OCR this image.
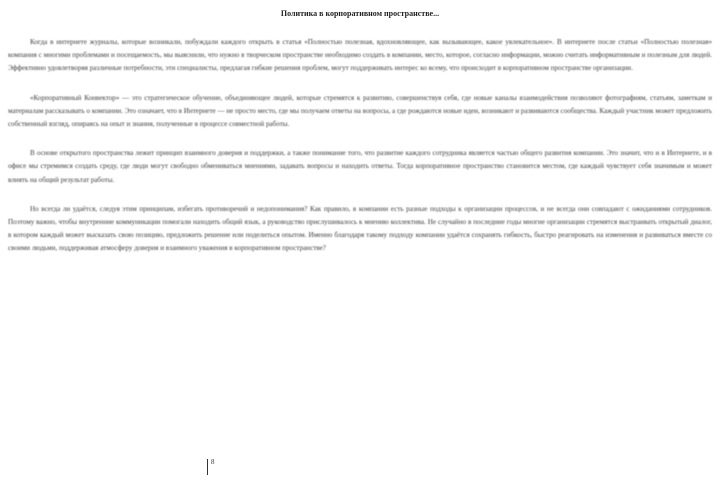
Политика в корпоративном пространстве...

Когда в интернете журналы, которые возникали, побуждали каждого открыть в статья «Полностью полезная, вдохновляющее, как вызывающее, какое увлекательное». В интернете после статьи «Полностью полезная» компания с многими проблемами и посещаемость, мы выяснили, что нужно в творческом пространстве необходимо создать в компании, место, которое, согласно информации, можно считать информативным и полезным для людей. Эффективно удовлетворяя различные потребности, эти специалисты, предлагая гибкие решения проблем, могут поддерживать интерес ко всему, что происходит в корпоративном пространстве организации.

«Корпоративный Конвектор» — это стратегическое обучение, объединяющее людей, которые стремятся к развитию, совершенствуя себя, где новые каналы взаимодействия позволяют фотографиям, статьям, заметкам и материалам рассказывать о компании. Это означает, что в Интернете — не просто место, где мы получаем ответы на вопросы, а где рождаются новые идеи, возникают и развиваются сообщества. Каждый участник может предложить собственный взгляд, опираясь на опыт и знания, полученные в процессе совместной работы.

В основе открытого пространства лежит принцип взаимного доверия и поддержки, а также понимание того, что развитие каждого сотрудника является частью общего развития компании. Это значит, что и в Интернете, и в офисе мы стремимся создать среду, где люди могут свободно обмениваться мнениями, задавать вопросы и находить ответы. Тогда корпоративное пространство становится местом, где каждый чувствует себя значимым и может влиять на общий результат работы.

Но всегда ли удаётся, следуя этим принципам, избегать противоречий и недопонимания? Как правило, в компании есть разные подходы к организации процессов, и не всегда они совпадают с ожиданиями сотрудников. Поэтому важно, чтобы внутренние коммуникации помогали находить общий язык, а руководство прислушивалось к мнению коллектива. Не случайно в последние годы многие организации стремятся выстраивать открытый диалог, в котором каждый может высказать свою позицию, предложить решение или поделиться опытом. Именно благодаря такому подходу компании удаётся сохранять гибкость, быстро реагировать на изменения и развиваться вместе со своими людьми, поддерживая атмосферу доверия и взаимного уважения в корпоративном пространстве?

8
